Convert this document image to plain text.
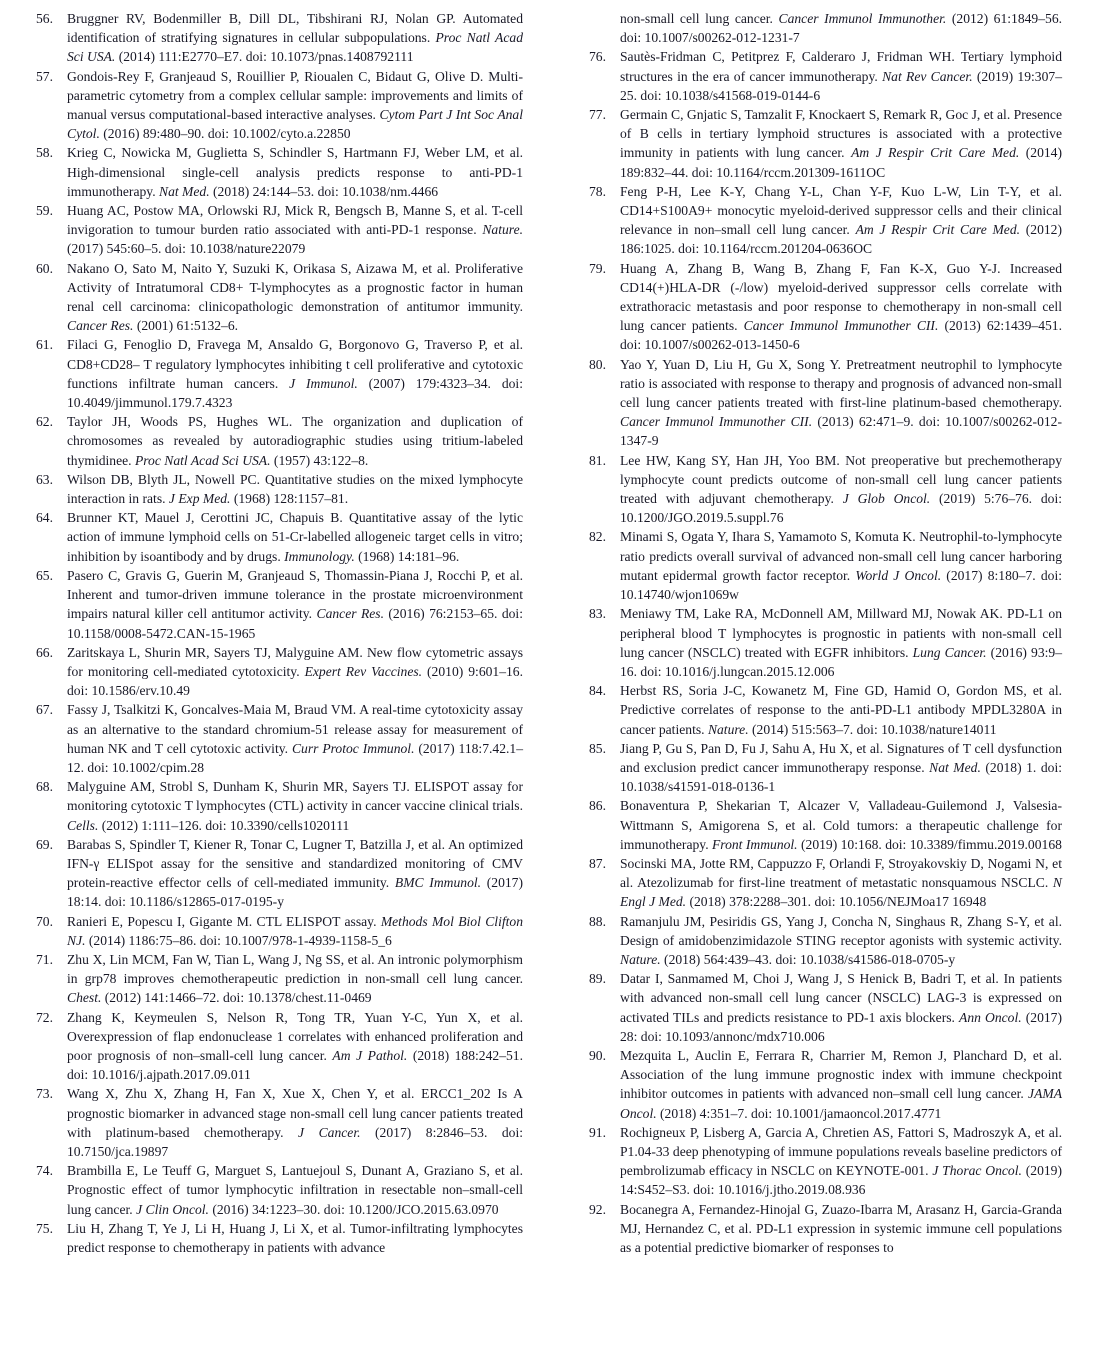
56. Bruggner RV, Bodenmiller B, Dill DL, Tibshirani RJ, Nolan GP. Automated identification of stratifying signatures in cellular subpopulations. Proc Natl Acad Sci USA. (2014) 111:E2770–E7. doi: 10.1073/pnas.1408792111
57. Gondois-Rey F, Granjeaud S, Rouillier P, Rioualen C, Bidaut G, Olive D. Multi-parametric cytometry from a complex cellular sample: improvements and limits of manual versus computational-based interactive analyses. Cytom Part J Int Soc Anal Cytol. (2016) 89:480–90. doi: 10.1002/cyto.a.22850
58. Krieg C, Nowicka M, Guglietta S, Schindler S, Hartmann FJ, Weber LM, et al. High-dimensional single-cell analysis predicts response to anti-PD-1 immunotherapy. Nat Med. (2018) 24:144–53. doi: 10.1038/nm.4466
59. Huang AC, Postow MA, Orlowski RJ, Mick R, Bengsch B, Manne S, et al. T-cell invigoration to tumour burden ratio associated with anti-PD-1 response. Nature. (2017) 545:60–5. doi: 10.1038/nature22079
60. Nakano O, Sato M, Naito Y, Suzuki K, Orikasa S, Aizawa M, et al. Proliferative Activity of Intratumoral CD8+ T-lymphocytes as a prognostic factor in human renal cell carcinoma: clinicopathologic demonstration of antitumor immunity. Cancer Res. (2001) 61:5132–6.
61. Filaci G, Fenoglio D, Fravega M, Ansaldo G, Borgonovo G, Traverso P, et al. CD8+CD28– T regulatory lymphocytes inhibiting t cell proliferative and cytotoxic functions infiltrate human cancers. J Immunol. (2007) 179:4323–34. doi: 10.4049/jimmunol.179.7.4323
62. Taylor JH, Woods PS, Hughes WL. The organization and duplication of chromosomes as revealed by autoradiographic studies using tritium-labeled thymidinee. Proc Natl Acad Sci USA. (1957) 43:122–8.
63. Wilson DB, Blyth JL, Nowell PC. Quantitative studies on the mixed lymphocyte interaction in rats. J Exp Med. (1968) 128:1157–81.
64. Brunner KT, Mauel J, Cerottini JC, Chapuis B. Quantitative assay of the lytic action of immune lymphoid cells on 51-Cr-labelled allogeneic target cells in vitro; inhibition by isoantibody and by drugs. Immunology. (1968) 14:181–96.
65. Pasero C, Gravis G, Guerin M, Granjeaud S, Thomassin-Piana J, Rocchi P, et al. Inherent and tumor-driven immune tolerance in the prostate microenvironment impairs natural killer cell antitumor activity. Cancer Res. (2016) 76:2153–65. doi: 10.1158/0008-5472.CAN-15-1965
66. Zaritskaya L, Shurin MR, Sayers TJ, Malyguine AM. New flow cytometric assays for monitoring cell-mediated cytotoxicity. Expert Rev Vaccines. (2010) 9:601–16. doi: 10.1586/erv.10.49
67. Fassy J, Tsalkitzi K, Goncalves-Maia M, Braud VM. A real-time cytotoxicity assay as an alternative to the standard chromium-51 release assay for measurement of human NK and T cell cytotoxic activity. Curr Protoc Immunol. (2017) 118:7.42.1–12. doi: 10.1002/cpim.28
68. Malyguine AM, Strobl S, Dunham K, Shurin MR, Sayers TJ. ELISPOT assay for monitoring cytotoxic T lymphocytes (CTL) activity in cancer vaccine clinical trials. Cells. (2012) 1:111–126. doi: 10.3390/cells1020111
69. Barabas S, Spindler T, Kiener R, Tonar C, Lugner T, Batzilla J, et al. An optimized IFN-γ ELISpot assay for the sensitive and standardized monitoring of CMV protein-reactive effector cells of cell-mediated immunity. BMC Immunol. (2017) 18:14. doi: 10.1186/s12865-017-0195-y
70. Ranieri E, Popescu I, Gigante M. CTL ELISPOT assay. Methods Mol Biol Clifton NJ. (2014) 1186:75–86. doi: 10.1007/978-1-4939-1158-5_6
71. Zhu X, Lin MCM, Fan W, Tian L, Wang J, Ng SS, et al. An intronic polymorphism in grp78 improves chemotherapeutic prediction in non-small cell lung cancer. Chest. (2012) 141:1466–72. doi: 10.1378/chest.11-0469
72. Zhang K, Keymeulen S, Nelson R, Tong TR, Yuan Y-C, Yun X, et al. Overexpression of flap endonuclease 1 correlates with enhanced proliferation and poor prognosis of non–small-cell lung cancer. Am J Pathol. (2018) 188:242–51. doi: 10.1016/j.ajpath.2017.09.011
73. Wang X, Zhu X, Zhang H, Fan X, Xue X, Chen Y, et al. ERCC1_202 Is A prognostic biomarker in advanced stage non-small cell lung cancer patients treated with platinum-based chemotherapy. J Cancer. (2017) 8:2846–53. doi: 10.7150/jca.19897
74. Brambilla E, Le Teuff G, Marguet S, Lantuejoul S, Dunant A, Graziano S, et al. Prognostic effect of tumor lymphocytic infiltration in resectable non–small-cell lung cancer. J Clin Oncol. (2016) 34:1223–30. doi: 10.1200/JCO.2015.63.0970
75. Liu H, Zhang T, Ye J, Li H, Huang J, Li X, et al. Tumor-infiltrating lymphocytes predict response to chemotherapy in patients with advance
non-small cell lung cancer. Cancer Immunol Immunother. (2012) 61:1849–56. doi: 10.1007/s00262-012-1231-7
76. Sautès-Fridman C, Petitprez F, Calderaro J, Fridman WH. Tertiary lymphoid structures in the era of cancer immunotherapy. Nat Rev Cancer. (2019) 19:307–25. doi: 10.1038/s41568-019-0144-6
77. Germain C, Gnjatic S, Tamzalit F, Knockaert S, Remark R, Goc J, et al. Presence of B cells in tertiary lymphoid structures is associated with a protective immunity in patients with lung cancer. Am J Respir Crit Care Med. (2014) 189:832–44. doi: 10.1164/rccm.201309-1611OC
78. Feng P-H, Lee K-Y, Chang Y-L, Chan Y-F, Kuo L-W, Lin T-Y, et al. CD14+S100A9+ monocytic myeloid-derived suppressor cells and their clinical relevance in non–small cell lung cancer. Am J Respir Crit Care Med. (2012) 186:1025. doi: 10.1164/rccm.201204-0636OC
79. Huang A, Zhang B, Wang B, Zhang F, Fan K-X, Guo Y-J. Increased CD14(+)HLA-DR (-/low) myeloid-derived suppressor cells correlate with extrathoracic metastasis and poor response to chemotherapy in non-small cell lung cancer patients. Cancer Immunol Immunother CII. (2013) 62:1439–451. doi: 10.1007/s00262-013-1450-6
80. Yao Y, Yuan D, Liu H, Gu X, Song Y. Pretreatment neutrophil to lymphocyte ratio is associated with response to therapy and prognosis of advanced non-small cell lung cancer patients treated with first-line platinum-based chemotherapy. Cancer Immunol Immunother CII. (2013) 62:471–9. doi: 10.1007/s00262-012-1347-9
81. Lee HW, Kang SY, Han JH, Yoo BM. Not preoperative but prechemotherapy lymphocyte count predicts outcome of non-small cell lung cancer patients treated with adjuvant chemotherapy. J Glob Oncol. (2019) 5:76–76. doi: 10.1200/JGO.2019.5.suppl.76
82. Minami S, Ogata Y, Ihara S, Yamamoto S, Komuta K. Neutrophil-to-lymphocyte ratio predicts overall survival of advanced non-small cell lung cancer harboring mutant epidermal growth factor receptor. World J Oncol. (2017) 8:180–7. doi: 10.14740/wjon1069w
83. Meniawy TM, Lake RA, McDonnell AM, Millward MJ, Nowak AK. PD-L1 on peripheral blood T lymphocytes is prognostic in patients with non-small cell lung cancer (NSCLC) treated with EGFR inhibitors. Lung Cancer. (2016) 93:9–16. doi: 10.1016/j.lungcan.2015.12.006
84. Herbst RS, Soria J-C, Kowanetz M, Fine GD, Hamid O, Gordon MS, et al. Predictive correlates of response to the anti-PD-L1 antibody MPDL3280A in cancer patients. Nature. (2014) 515:563–7. doi: 10.1038/nature14011
85. Jiang P, Gu S, Pan D, Fu J, Sahu A, Hu X, et al. Signatures of T cell dysfunction and exclusion predict cancer immunotherapy response. Nat Med. (2018) 1. doi: 10.1038/s41591-018-0136-1
86. Bonaventura P, Shekarian T, Alcazer V, Valladeau-Guilemond J, Valsesia-Wittmann S, Amigorena S, et al. Cold tumors: a therapeutic challenge for immunotherapy. Front Immunol. (2019) 10:168. doi: 10.3389/fimmu.2019.00168
87. Socinski MA, Jotte RM, Cappuzzo F, Orlandi F, Stroyakovskiy D, Nogami N, et al. Atezolizumab for first-line treatment of metastatic nonsquamous NSCLC. N Engl J Med. (2018) 378:2288–301. doi: 10.1056/NEJMoa17 16948
88. Ramanjulu JM, Pesiridis GS, Yang J, Concha N, Singhaus R, Zhang S-Y, et al. Design of amidobenzimidazole STING receptor agonists with systemic activity. Nature. (2018) 564:439–43. doi: 10.1038/s41586-018-0705-y
89. Datar I, Sanmamed M, Choi J, Wang J, S Henick B, Badri T, et al. In patients with advanced non-small cell lung cancer (NSCLC) LAG-3 is expressed on activated TILs and predicts resistance to PD-1 axis blockers. Ann Oncol. (2017) 28: doi: 10.1093/annonc/mdx710.006
90. Mezquita L, Auclin E, Ferrara R, Charrier M, Remon J, Planchard D, et al. Association of the lung immune prognostic index with immune checkpoint inhibitor outcomes in patients with advanced non–small cell lung cancer. JAMA Oncol. (2018) 4:351–7. doi: 10.1001/jamaoncol.2017.4771
91. Rochigneux P, Lisberg A, Garcia A, Chretien AS, Fattori S, Madroszyk A, et al. P1.04-33 deep phenotyping of immune populations reveals baseline predictors of pembrolizumab efficacy in NSCLC on KEYNOTE-001. J Thorac Oncol. (2019) 14:S452–S3. doi: 10.1016/j.jtho.2019.08.936
92. Bocanegra A, Fernandez-Hinojal G, Zuazo-Ibarra M, Arasanz H, Garcia-Granda MJ, Hernandez C, et al. PD-L1 expression in systemic immune cell populations as a potential predictive biomarker of responses to
